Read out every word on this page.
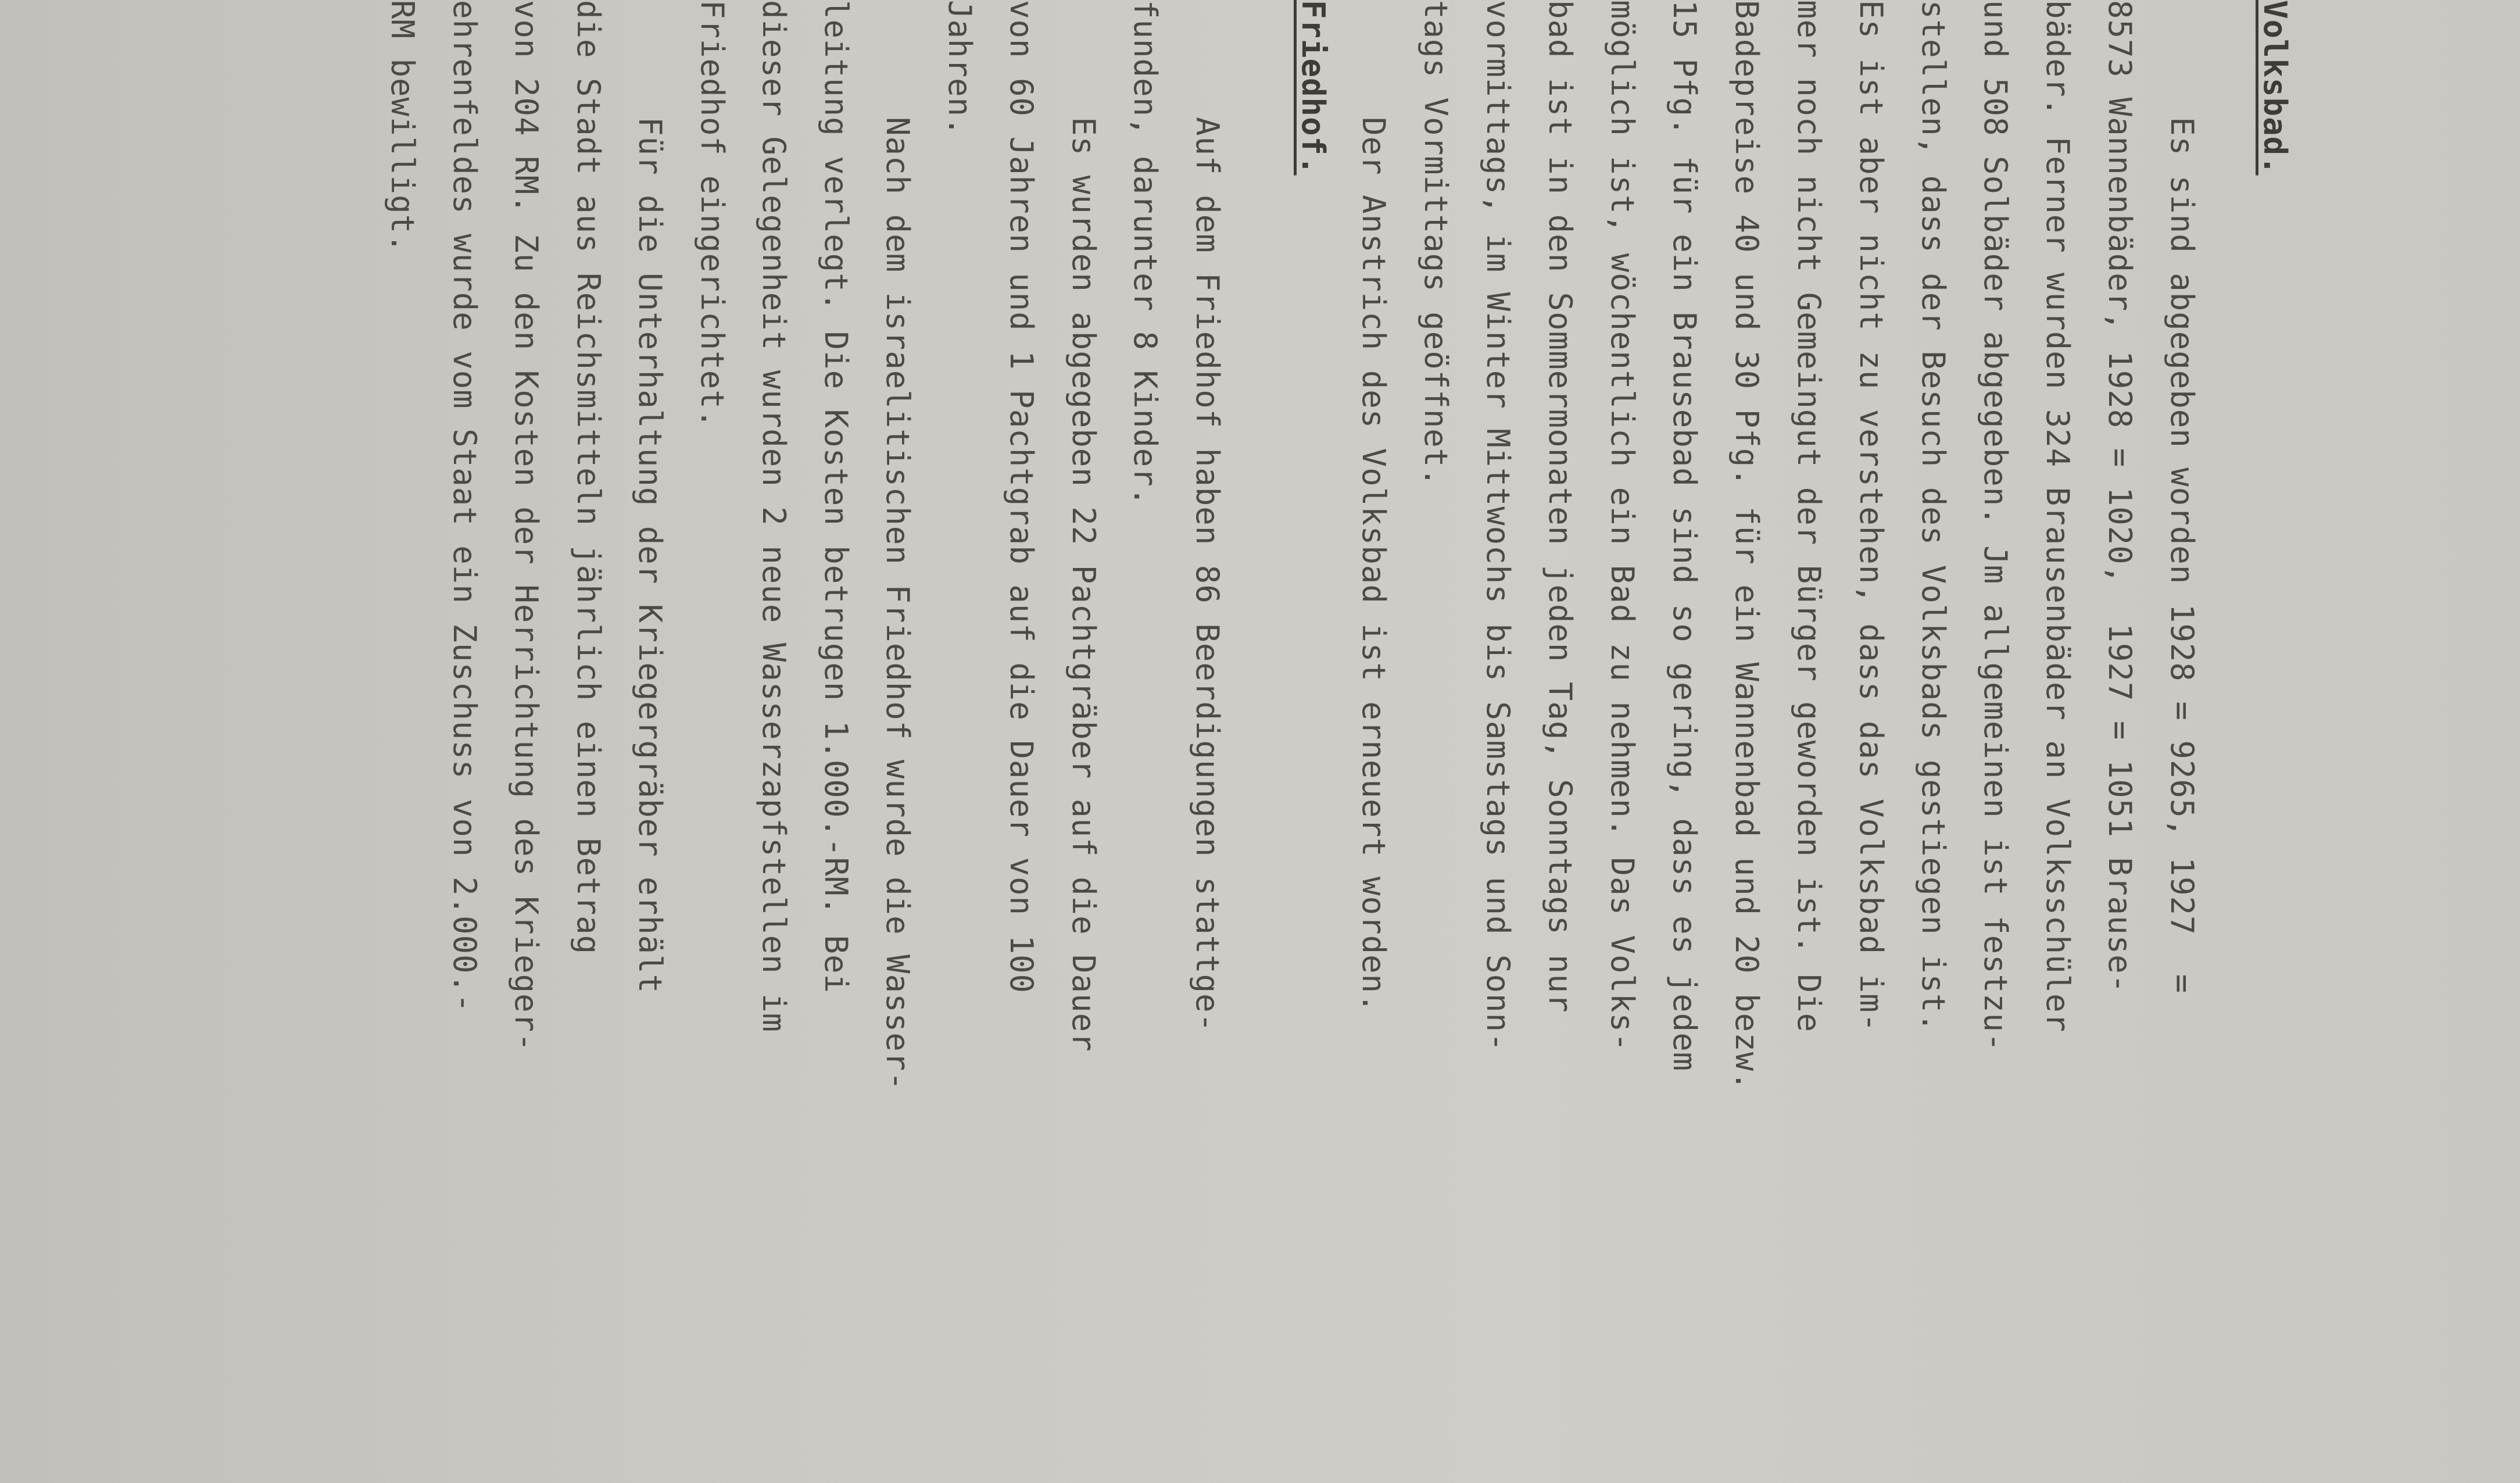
Volksbad.
Es sind abgegeben worden 1928 = 9265, 1927  =
8573 Wannenbäder, 1928 = 1020,  1927 = 1051 Brause-
bäder. Ferner wurden 324 Brausenbäder an Volksschüler
und 508 Solbäder abgegeben. Jm allgemeinen ist festzu-
stellen, dass der Besuch des Volksbads gestiegen ist.
Es ist aber nicht zu verstehen, dass das Volksbad im-
mer noch nicht Gemeingut der Bürger geworden ist. Die
Badepreise 40 und 30 Pfg. für ein Wannenbad und 20 bezw.
15 Pfg. für ein Brausebad sind so gering, dass es jedem
möglich ist, wöchentlich ein Bad zu nehmen. Das Volks-
bad ist in den Sommermonaten jeden Tag, Sonntags nur
vormittags, im Winter Mittwochs bis Samstags und Sonn-
tags Vormittags geöffnet.
Der Anstrich des Volksbad ist erneuert worden.
Friedhof.
Auf dem Friedhof haben 86 Beerdigungen stattge-
funden, darunter 8 Kinder.
Es wurden abgegeben 22 Pachtgräber auf die Dauer
von 60 Jahren und 1 Pachtgrab auf die Dauer von 100
Jahren.
Nach dem israelitischen Friedhof wurde die Wasser-
leitung verlegt. Die Kosten betrugen 1.000.-RM. Bei
dieser Gelegenheit wurden 2 neue Wasserzapfstellen im
Friedhof eingerichtet.
Für die Unterhaltung der Kriegergräber erhält
die Stadt aus Reichsmitteln jährlich einen Betrag
von 204 RM. Zu den Kosten der Herrichtung des Krieger-
ehrenfeldes wurde vom Staat ein Zuschuss von 2.000.-
RM bewilligt.
